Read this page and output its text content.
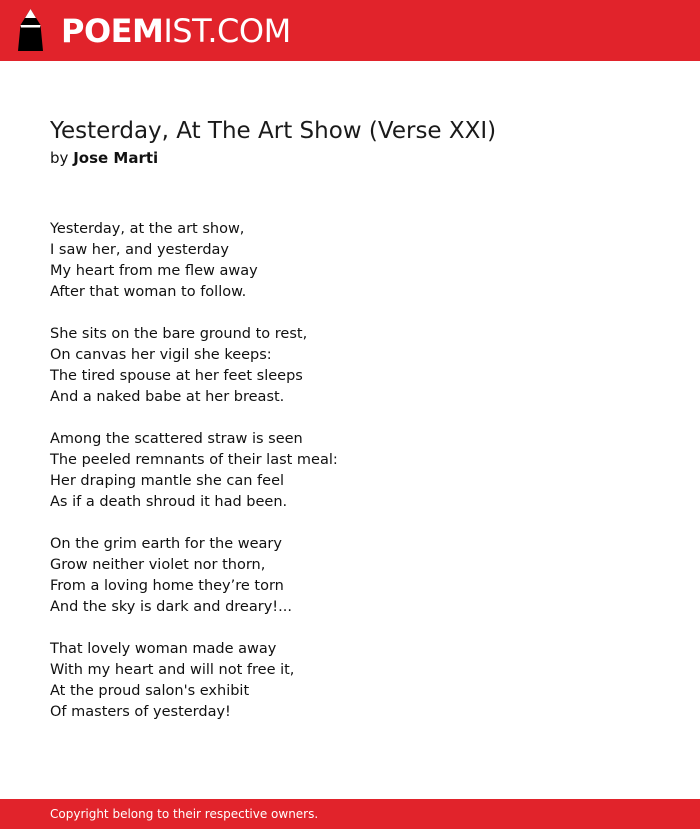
POEMIST.COM
Yesterday, At The Art Show (Verse XXI)
by Jose Marti
Yesterday, at the art show,
I saw her, and yesterday
My heart from me flew away
After that woman to follow.
She sits on the bare ground to rest,
On canvas her vigil she keeps:
The tired spouse at her feet sleeps
And a naked babe at her breast.
Among the scattered straw is seen
The peeled remnants of their last meal:
Her draping mantle she can feel
As if a death shroud it had been.
On the grim earth for the weary
Grow neither violet nor thorn,
From a loving home they’re torn
And the sky is dark and dreary!...
That lovely woman made away
With my heart and will not free it,
At the proud salon's exhibit
Of masters of yesterday!
Copyright belong to their respective owners.
